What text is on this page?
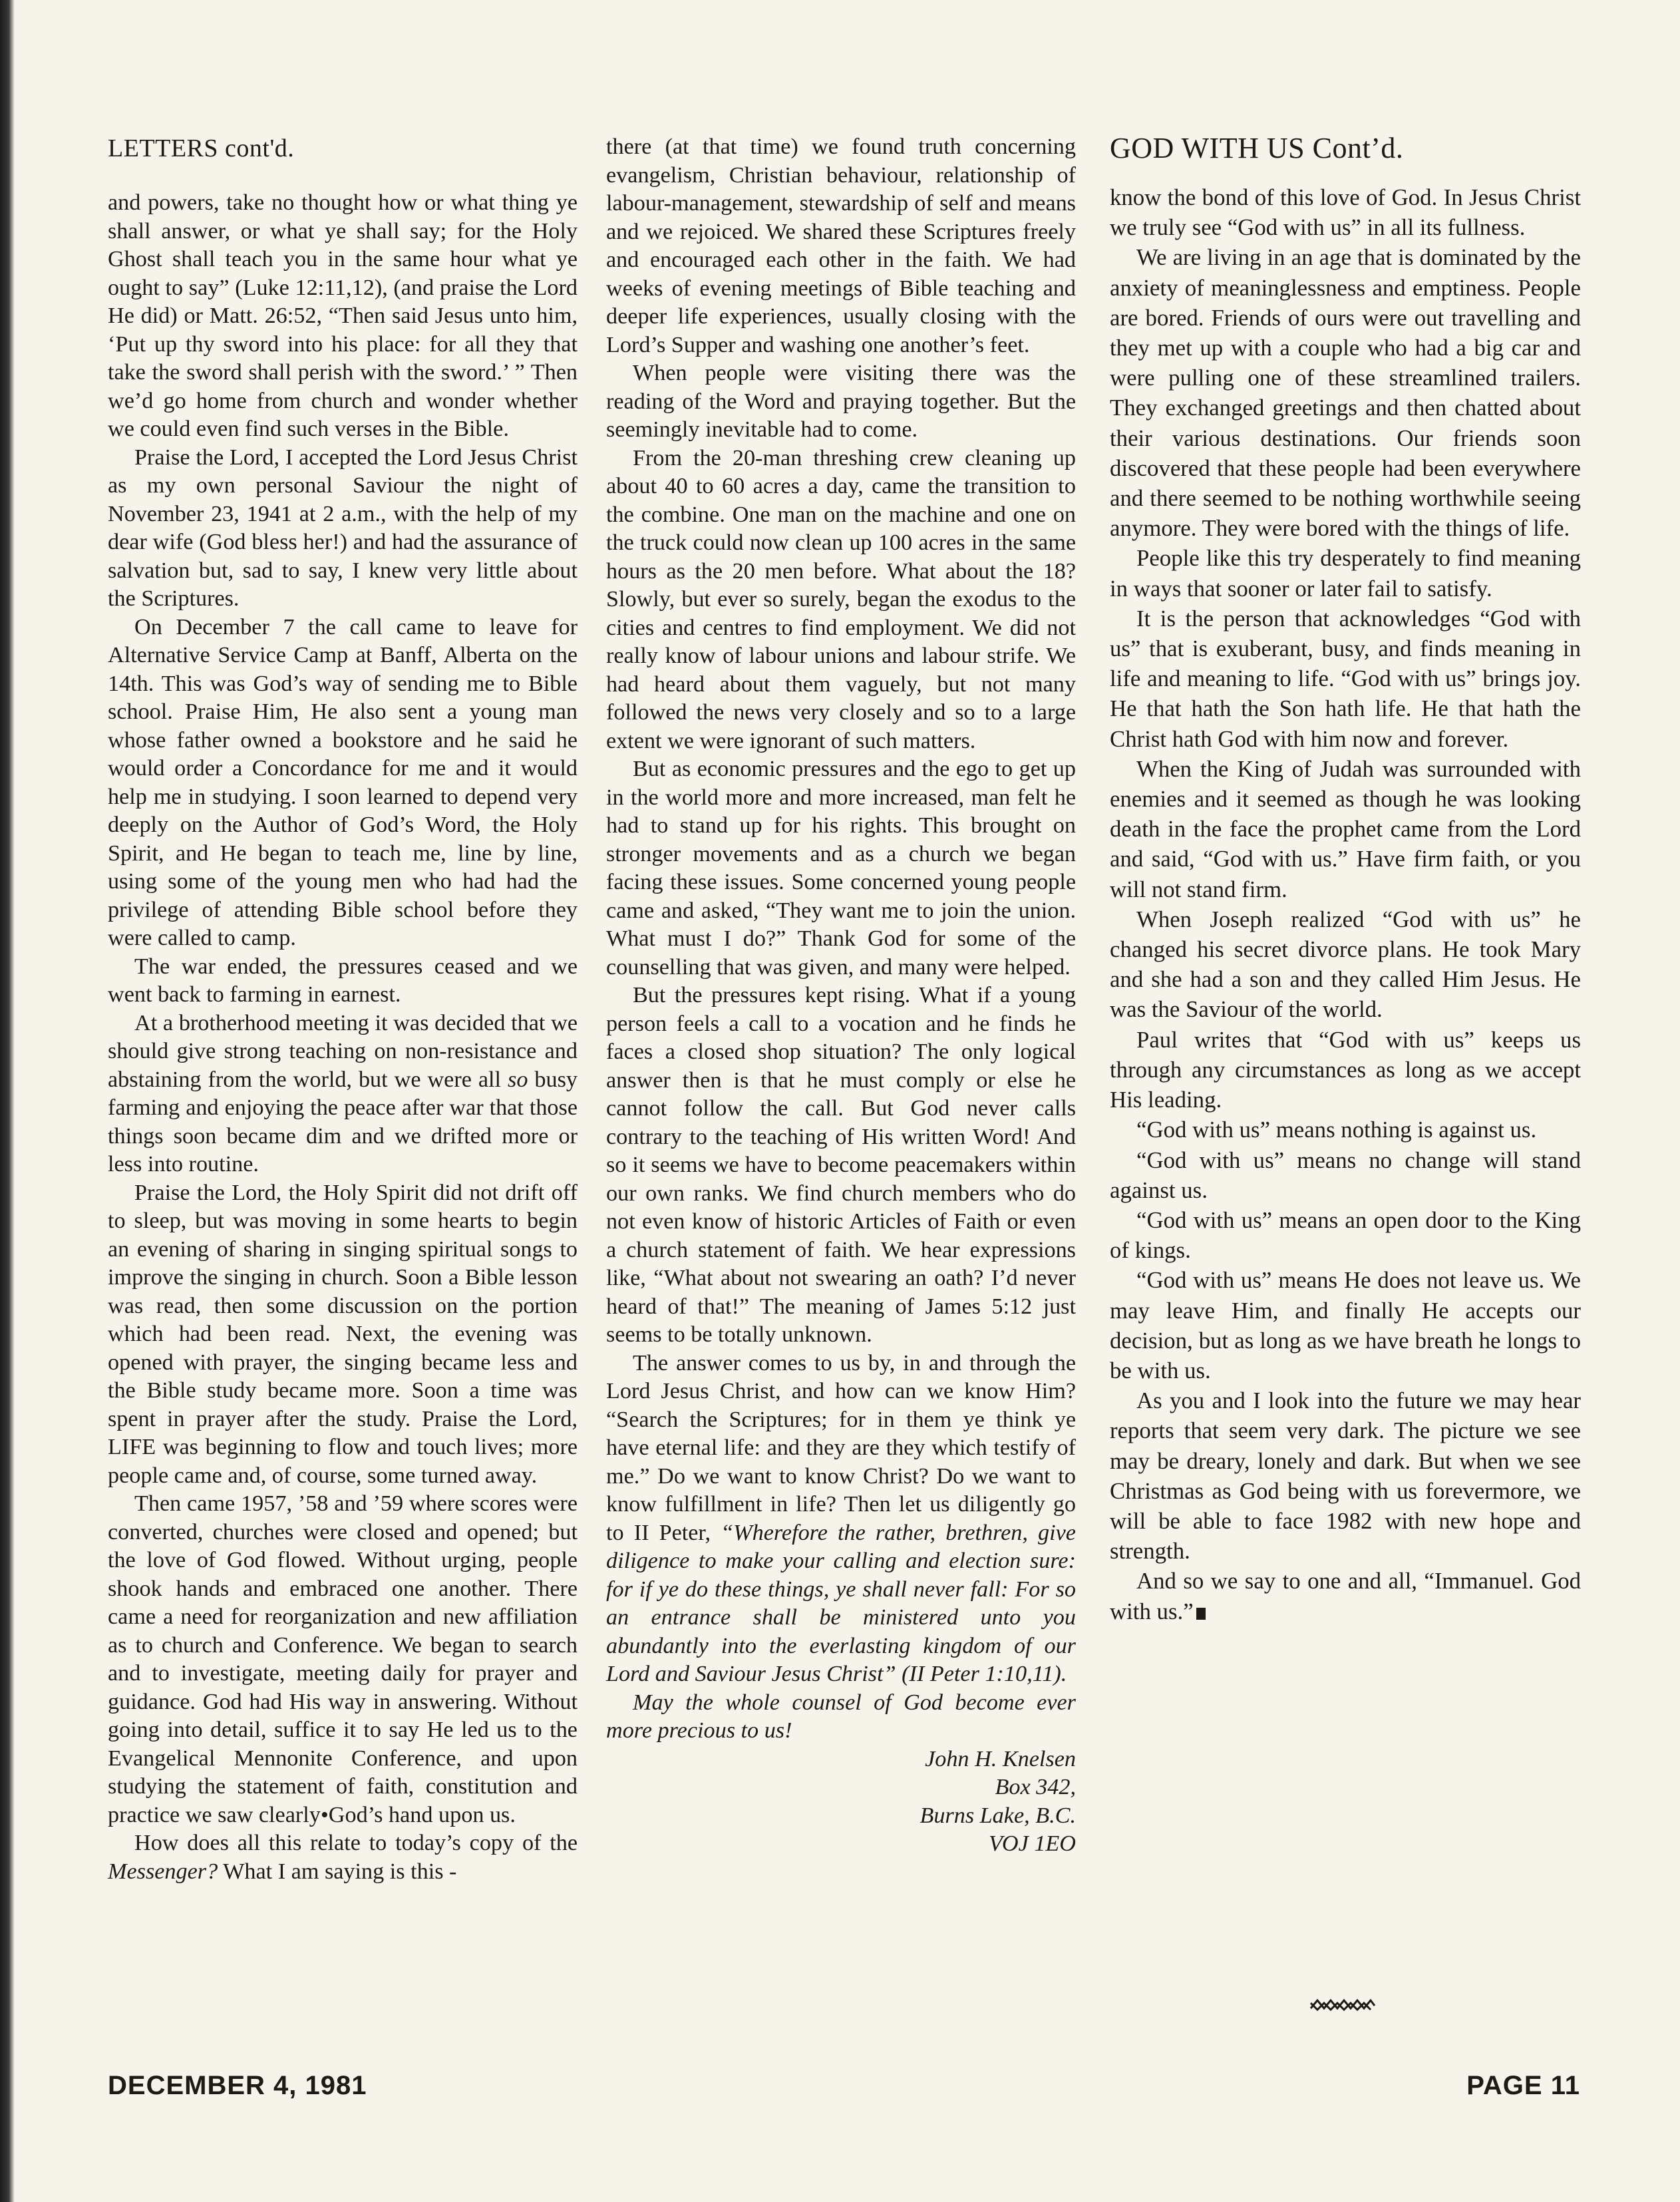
LETTERS cont'd.

and powers, take no thought how or what thing ye shall answer, or what ye shall say; for the Holy Ghost shall teach you in the same hour what ye ought to say” (Luke 12:11,12), (and praise the Lord He did) or Matt. 26:52, “Then said Jesus unto him, ‘Put up thy sword into his place: for all they that take the sword shall perish with the sword.’ ” Then we’d go home from church and wonder whether we could even find such verses in the Bible.

Praise the Lord, I accepted the Lord Jesus Christ as my own personal Saviour the night of November 23, 1941 at 2 a.m., with the help of my dear wife (God bless her!) and had the assurance of salvation but, sad to say, I knew very little about the Scriptures.

On December 7 the call came to leave for Alternative Service Camp at Banff, Alberta on the 14th. This was God’s way of sending me to Bible school. Praise Him, He also sent a young man whose father owned a bookstore and he said he would order a Concordance for me and it would help me in studying. I soon learned to depend very deeply on the Author of God’s Word, the Holy Spirit, and He began to teach me, line by line, using some of the young men who had had the privilege of attending Bible school before they were called to camp.

The war ended, the pressures ceased and we went back to farming in earnest.

At a brotherhood meeting it was decided that we should give strong teaching on non-resistance and abstaining from the world, but we were all so busy farming and enjoying the peace after war that those things soon became dim and we drifted more or less into routine.

Praise the Lord, the Holy Spirit did not drift off to sleep, but was moving in some hearts to begin an evening of sharing in singing spiritual songs to improve the singing in church. Soon a Bible lesson was read, then some discussion on the portion which had been read. Next, the evening was opened with prayer, the singing became less and the Bible study became more. Soon a time was spent in prayer after the study. Praise the Lord, LIFE was beginning to flow and touch lives; more people came and, of course, some turned away.

Then came 1957, ’58 and ’59 where scores were converted, churches were closed and opened; but the love of God flowed. Without urging, people shook hands and embraced one another. There came a need for reorganization and new affiliation as to church and Conference. We began to search and to investigate, meeting daily for prayer and guidance. God had His way in answering. Without going into detail, suffice it to say He led us to the Evangelical Mennonite Conference, and upon studying the statement of faith, constitution and practice we saw clearly•God’s hand upon us.

How does all this relate to today’s copy of the Messenger? What I am saying is this -

there (at that time) we found truth concerning evangelism, Christian behaviour, relationship of labour-management, stewardship of self and means and we rejoiced. We shared these Scriptures freely and encouraged each other in the faith. We had weeks of evening meetings of Bible teaching and deeper life experiences, usually closing with the Lord’s Supper and washing one another’s feet.

When people were visiting there was the reading of the Word and praying together. But the seemingly inevitable had to come.

From the 20-man threshing crew cleaning up about 40 to 60 acres a day, came the transition to the combine. One man on the machine and one on the truck could now clean up 100 acres in the same hours as the 20 men before. What about the 18? Slowly, but ever so surely, began the exodus to the cities and centres to find employment. We did not really know of labour unions and labour strife. We had heard about them vaguely, but not many followed the news very closely and so to a large extent we were ignorant of such matters.

But as economic pressures and the ego to get up in the world more and more increased, man felt he had to stand up for his rights. This brought on stronger movements and as a church we began facing these issues. Some concerned young people came and asked, “They want me to join the union. What must I do?” Thank God for some of the counselling that was given, and many were helped.

But the pressures kept rising. What if a young person feels a call to a vocation and he finds he faces a closed shop situation? The only logical answer then is that he must comply or else he cannot follow the call. But God never calls contrary to the teaching of His written Word! And so it seems we have to become peacemakers within our own ranks. We find church members who do not even know of historic Articles of Faith or even a church statement of faith. We hear expressions like, “What about not swearing an oath? I’d never heard of that!” The meaning of James 5:12 just seems to be totally unknown.

The answer comes to us by, in and through the Lord Jesus Christ, and how can we know Him? “Search the Scriptures; for in them ye think ye have eternal life: and they are they which testify of me.” Do we want to know Christ? Do we want to know fulfillment in life? Then let us diligently go to II Peter, “Wherefore the rather, brethren, give diligence to make your calling and election sure: for if ye do these things, ye shall never fall: For so an entrance shall be ministered unto you abundantly into the everlasting kingdom of our Lord and Saviour Jesus Christ” (II Peter 1:10,11).

May the whole counsel of God become ever more precious to us!

John H. Knelsen

Box 342,

Burns Lake, B.C.

VOJ 1EO

GOD WITH US Cont’d.

know the bond of this love of God. In Jesus Christ we truly see “God with us” in all its fullness.

We are living in an age that is dominated by the anxiety of meaninglessness and emptiness. People are bored. Friends of ours were out travelling and they met up with a couple who had a big car and were pulling one of these streamlined trailers. They exchanged greetings and then chatted about their various destinations. Our friends soon discovered that these people had been everywhere and there seemed to be nothing worthwhile seeing anymore. They were bored with the things of life.

People like this try desperately to find meaning in ways that sooner or later fail to satisfy.

It is the person that acknowledges “God with us” that is exuberant, busy, and finds meaning in life and meaning to life. “God with us” brings joy. He that hath the Son hath life. He that hath the Christ hath God with him now and forever.

When the King of Judah was surrounded with enemies and it seemed as though he was looking death in the face the prophet came from the Lord and said, “God with us.” Have firm faith, or you will not stand firm.

When Joseph realized “God with us” he changed his secret divorce plans. He took Mary and she had a son and they called Him Jesus. He was the Saviour of the world.

Paul writes that “God with us” keeps us through any circumstances as long as we accept His leading.

“God with us” means nothing is against us.

“God with us” means no change will stand against us.

“God with us” means an open door to the King of kings.

“God with us” means He does not leave us. We may leave Him, and finally He accepts our decision, but as long as we have breath he longs to be with us.

As you and I look into the future we may hear reports that seem very dark. The picture we see may be dreary, lonely and dark. But when we see Christmas as God being with us forevermore, we will be able to face 1982 with new hope and strength.

And so we say to one and all, “Immanuel. God with us.”

DECEMBER 4, 1981	PAGE 11
